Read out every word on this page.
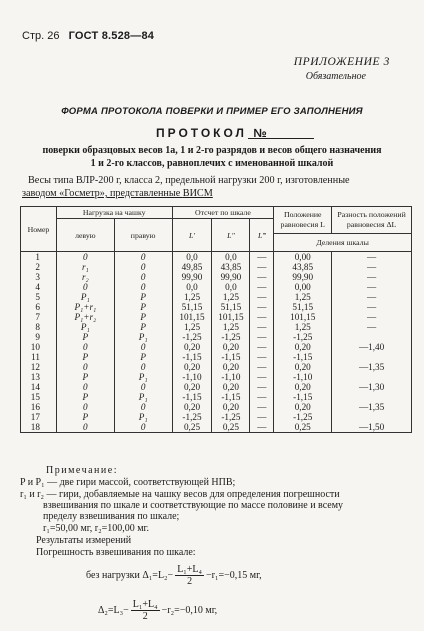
Стр. 26 ГОСТ 8.528—84
ПРИЛОЖЕНИЕ 3
Обязательное
ФОРМА ПРОТОКОЛА ПОВЕРКИ И ПРИМЕР ЕГО ЗАПОЛНЕНИЯ
ПРОТОКОЛ №
поверки образцовых весов 1а, 1 и 2-го разрядов и весов общего назначения
1 и 2-го классов, равноплечих с именованной шкалой
Весы типа ВЛР-200 г, класса 2, предельной нагрузки 200 г, изготовленные
заводом «Госметр», представленные ВИСМ
Номер	Нагрузка на чашку		Отсчет по шкале			Положение равновесия L	Разность положений равновесия ΔL
	левую	правую	L′	L″	L‴		
						Деления шкалы	
1	0	0	0,0	0,0	—	0,00	—
2	r₁	0	49,85	43,85	—	43,85	—
3	r₂	0	99,90	99,90	—	99,90	—
4	0	0	0,0	0,0	—	0,00	—
5	P₁	P	1,25	1,25	—	1,25	—
6	P₁+r₁	P	51,15	51,15	—	51,15	—
7	P₁+r₂	P	101,15	101,15	—	101,15	—
8	P₁	P	1,25	1,25	—	1,25	—
9	P	P₁	-1,25	-1,25	—	-1,25	
10	0	0	0,20	0,20	—	0,20	—1,40
11	P	P	-1,15	-1,15	—	-1,15	
12	0	0	0,20	0,20	—	0,20	—1,35
13	P	P₁	-1,10	-1,10	—	-1,10	
14	0	0	0,20	0,20	—	0,20	—1,30
15	P	P₁	-1,15	-1,15	—	-1,15	
16	0	0	0,20	0,20	—	0,20	—1,35
17	P	P₁	-1,25	-1,25	—	-1,25	
18	0	0	0,25	0,25	—	0,25	—1,50
Примечание:
P и P₁ — две гири массой, соответствующей НПВ;
r₁ и r₂ — гири, добавляемые на чашку весов для определения погрешности
взвешивания по шкале и соответствующие по массе половине и всему
пределу взвешивания по шкале;
r₁=50,00 мг, r₂=100,00 мг.
Результаты измерений
Погрешность взвешивания по шкале:
без нагрузки $\Delta_1=L_2- \frac{\text{L₁+L₄}}{2} -r_1=-0,15$ мг,
$\Delta_2=L_3- \frac{\text{L₁+L₄}}{2} -r_2=-0,10$ мг,
